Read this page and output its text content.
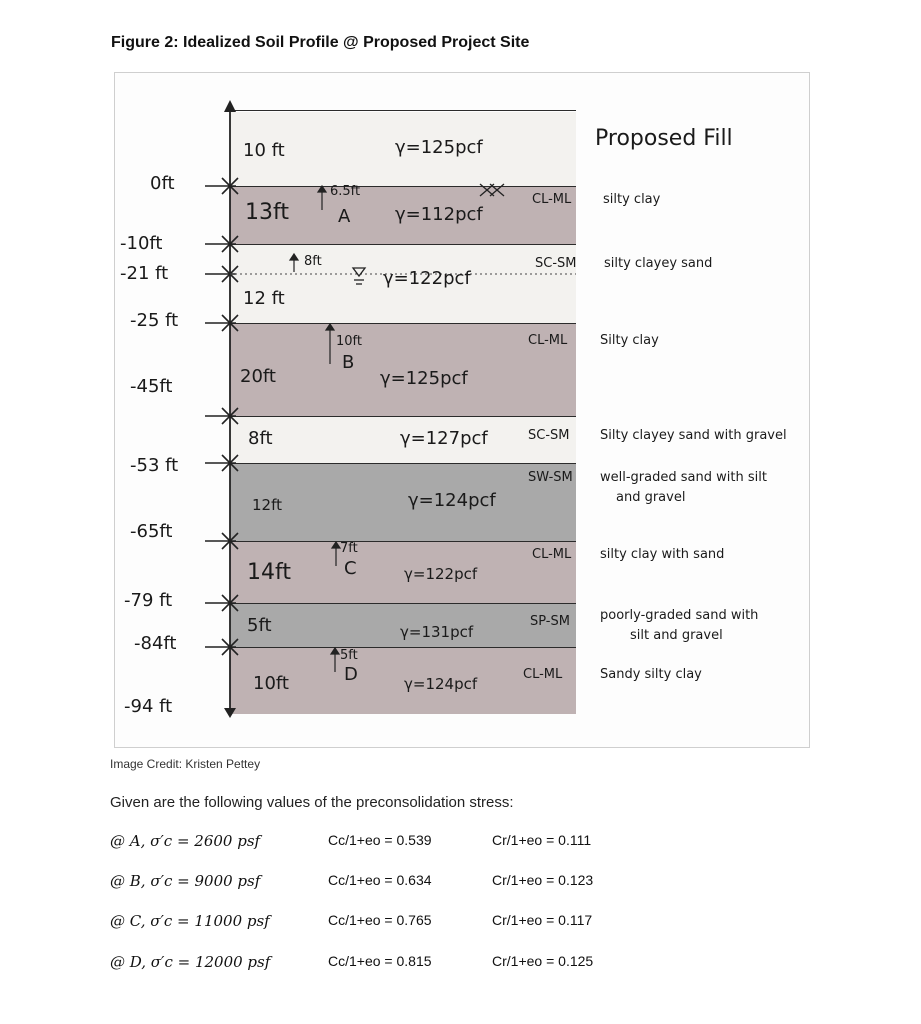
Figure 2: Idealized Soil Profile @ Proposed Project Site
0ft
-10ft
-21 ft
-25 ft
-45ft
-53 ft
-65ft
-79 ft
-84ft
-94 ft
10 ft
13ft
12 ft
20ft
8ft
12ft
14ft
5ft
10ft
γ=125pcf
γ=112pcf
γ=122pcf
γ=125pcf
γ=127pcf
γ=124pcf
γ=122pcf
γ=131pcf
γ=124pcf
6.5ft
A
8ft
10ft
B
7ft
C
5ft
D
CL-ML
SC-SM
CL-ML
SC-SM
SW-SM
CL-ML
SP-SM
CL-ML
Proposed Fill
silty clay
silty clayey sand
Silty clay
Silty clayey sand with gravel
well-graded sand with silt
and gravel
silty clay with sand
poorly-graded sand with
silt and gravel
Sandy silty clay
Image Credit: Kristen Pettey
Given are the following values of the preconsolidation stress:
@ A, σ′c = 2600 psf	Cc/1+eo = 0.539	Cr/1+eo = 0.111
@ B, σ′c = 9000 psf	Cc/1+eo = 0.634	Cr/1+eo = 0.123
@ C, σ′c = 11000 psf	Cc/1+eo = 0.765	Cr/1+eo = 0.117
@ D, σ′c = 12000 psf	Cc/1+eo = 0.815	Cr/1+eo = 0.125
